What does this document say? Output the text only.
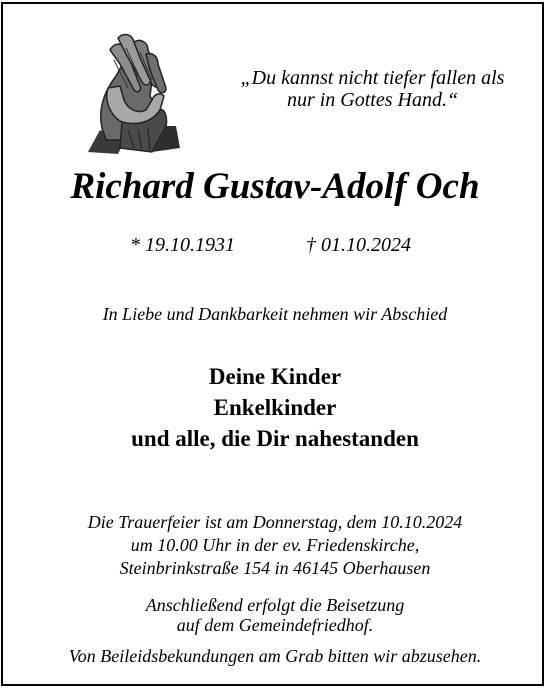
„Du kannst nicht tiefer fallen als
nur in Gottes Hand.“
Richard Gustav-Adolf Och
* 19.10.1931	† 01.10.2024
In Liebe und Dankbarkeit nehmen wir Abschied
Deine Kinder
Enkelkinder
und alle, die Dir nahestanden
Die Trauerfeier ist am Donnerstag, dem 10.10.2024
um 10.00 Uhr in der ev. Friedenskirche,
Steinbrinkstraße 154 in 46145 Oberhausen
Anschließend erfolgt die Beisetzung
auf dem Gemeindefriedhof.
Von Beileidsbekundungen am Grab bitten wir abzusehen.
